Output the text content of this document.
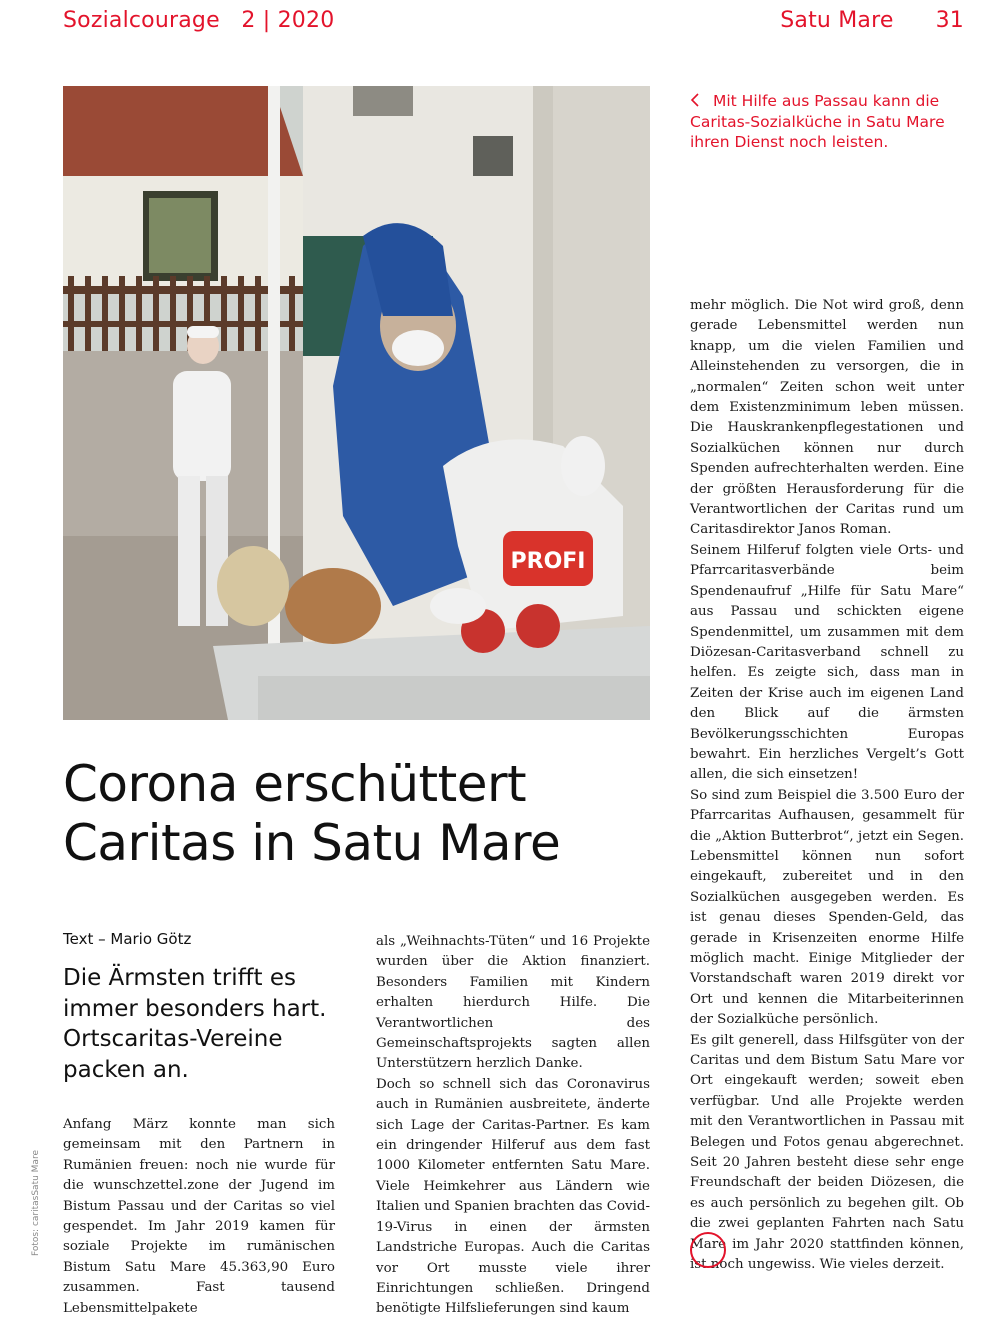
Sozialcourage 2 | 2020	Satu Mare 31
PROFI
Mit Hilfe aus Passau kann die Caritas-Sozialküche in Satu Mare ihren Dienst noch leisten.
Corona erschüttert
Caritas in Satu Mare
Text – Mario Götz
Die Ärmsten trifft es immer besonders hart. Ortscaritas-Vereine packen an.

Anfang März konnte man sich gemeinsam mit den Partnern in Rumänien freuen: noch nie wurde für die wunschzettel.zone der Jugend im Bistum Passau und der Caritas so viel gespendet. Im Jahr 2019 kamen für soziale Projekte im rumänischen Bistum Satu Mare 45.363,90 Euro zusammen. Fast tausend Lebensmittelpakete

als „Weihnachts-Tüten“ und 16 Projekte wurden über die Aktion finanziert. Besonders Familien mit Kindern erhalten hierdurch Hilfe. Die Verantwortlichen des Gemeinschaftsprojekts sagten allen Unterstützern herzlich Danke.

Doch so schnell sich das Coronavirus auch in Rumänien ausbreitete, änderte sich Lage der Caritas-Partner. Es kam ein dringender Hilferuf aus dem fast 1000 Kilometer entfernten Satu Mare. Viele Heimkehrer aus Ländern wie Italien und Spanien brachten das Covid-19-Virus in einen der ärmsten Landstriche Europas. Auch die Caritas vor Ort musste viele ihrer Einrichtungen schließen. Dringend benötigte Hilfslieferungen sind kaum

mehr möglich. Die Not wird groß, denn gerade Lebensmittel werden nun knapp, um die vielen Familien und Alleinstehenden zu versorgen, die in „normalen“ Zeiten schon weit unter dem Existenzminimum leben müssen. Die Hauskrankenpflegestationen und Sozialküchen können nur durch Spenden aufrechterhalten werden. Eine der größten Herausforderung für die Verantwortlichen der Caritas rund um Caritasdirektor Janos Roman.

Seinem Hilferuf folgten viele Orts- und Pfarrcaritasverbände beim Spendenaufruf „Hilfe für Satu Mare“ aus Passau und schickten eigene Spendenmittel, um zusammen mit dem Diözesan-Caritasverband schnell zu helfen. Es zeigte sich, dass man in Zeiten der Krise auch im eigenen Land den Blick auf die ärmsten Bevölkerungsschichten Europas bewahrt. Ein herzliches Vergelt’s Gott allen, die sich einsetzen!

So sind zum Beispiel die 3.500 Euro der Pfarrcaritas Aufhausen, gesammelt für die „Aktion Butterbrot“, jetzt ein Segen. Lebensmittel können nun sofort eingekauft, zubereitet und in den Sozialküchen ausgegeben werden. Es ist genau dieses Spenden-Geld, das gerade in Krisenzeiten enorme Hilfe möglich macht. Einige Mitglieder der Vorstandschaft waren 2019 direkt vor Ort und kennen die Mitarbeiterinnen der Sozialküche persönlich.

Es gilt generell, dass Hilfsgüter von der Caritas und dem Bistum Satu Mare vor Ort eingekauft werden; soweit eben verfügbar. Und alle Projekte werden mit den Verantwortlichen in Passau mit Belegen und Fotos genau abgerechnet. Seit 20 Jahren besteht diese sehr enge Freundschaft der beiden Diözesen, die es auch persönlich zu begehen gilt. Ob die zwei geplanten Fahrten nach Satu Mare im Jahr 2020 stattfinden können, ist noch ungewiss. Wie vieles derzeit.

Fotos: caritasSatu Mare
